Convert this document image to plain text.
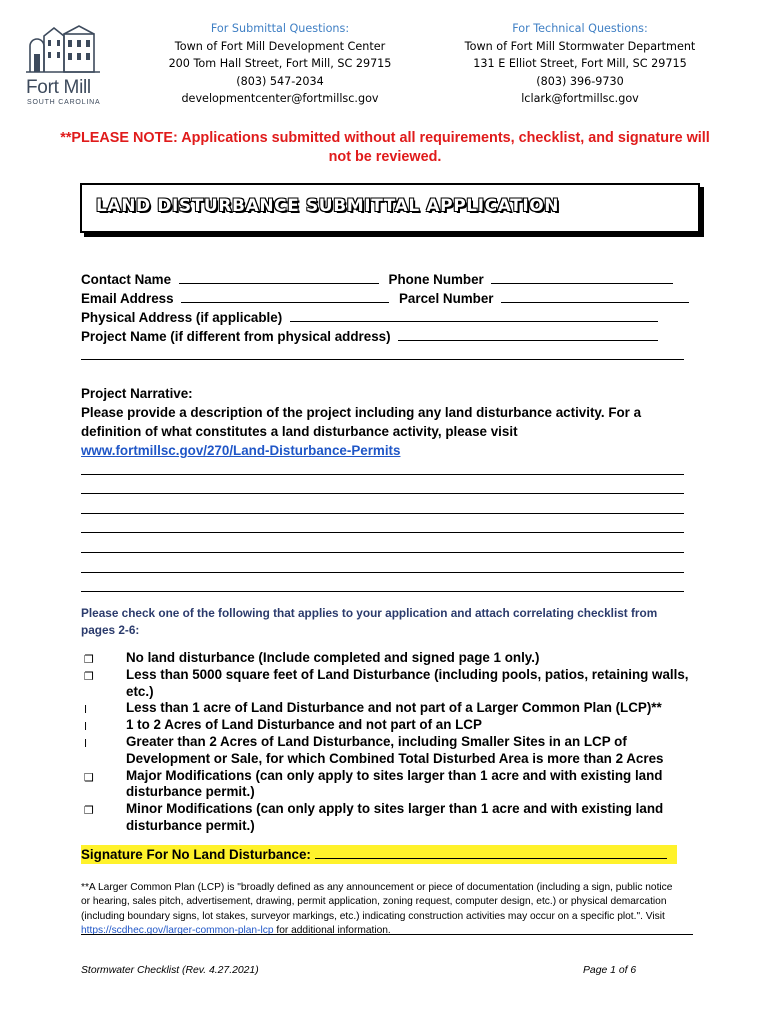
Fort Mill
SOUTH CAROLINA
For Submittal Questions:
Town of Fort Mill Development Center
200 Tom Hall Street, Fort Mill, SC 29715
(803) 547-2034
developmentcenter@fortmillsc.gov
For Technical Questions:
Town of Fort Mill Stormwater Department
131 E Elliot Street, Fort Mill, SC 29715
(803) 396-9730
lclark@fortmillsc.gov
**PLEASE NOTE: Applications submitted without all requirements, checklist, and signature will not be reviewed.
LAND DISTURBANCE SUBMITTAL APPLICATION
Contact Name	Phone Number
Email Address	Parcel Number
Physical Address (if applicable)
Project Name (if different from physical address)
Project Narrative:
Please provide a description of the project including any land disturbance activity. For a definition of what constitutes a land disturbance activity, please visit
www.fortmillsc.gov/270/Land-Disturbance-Permits
Please check one of the following that applies to your application and attach correlating checklist from pages 2-6:
❐ No land disturbance (Include completed and signed page 1 only.)
❐ Less than 5000 square feet of Land Disturbance (including pools, patios, retaining walls, etc.)
l	Less than 1 acre of Land Disturbance and not part of a Larger Common Plan (LCP)**
l	1 to 2 Acres of Land Disturbance and not part of an LCP
l	Greater than 2 Acres of Land Disturbance, including Smaller Sites in an LCP of Development or Sale, for which Combined Total Disturbed Area is more than 2 Acres
❑ Major Modifications (can only apply to sites larger than 1 acre and with existing land disturbance permit.)
❐ Minor Modifications (can only apply to sites larger than 1 acre and with existing land disturbance permit.)
Signature For No Land Disturbance:
**A Larger Common Plan (LCP) is "broadly defined as any announcement or piece of documentation (including a sign, public notice or hearing, sales pitch, advertisement, drawing, permit application, zoning request, computer design, etc.) or physical demarcation (including boundary signs, lot stakes, surveyor markings, etc.) indicating construction activities may occur on a specific plot.". Visit https://scdhec.gov/larger-common-plan-lcp for additional information.
Stormwater Checklist (Rev. 4.27.2021)	Page 1 of 6
